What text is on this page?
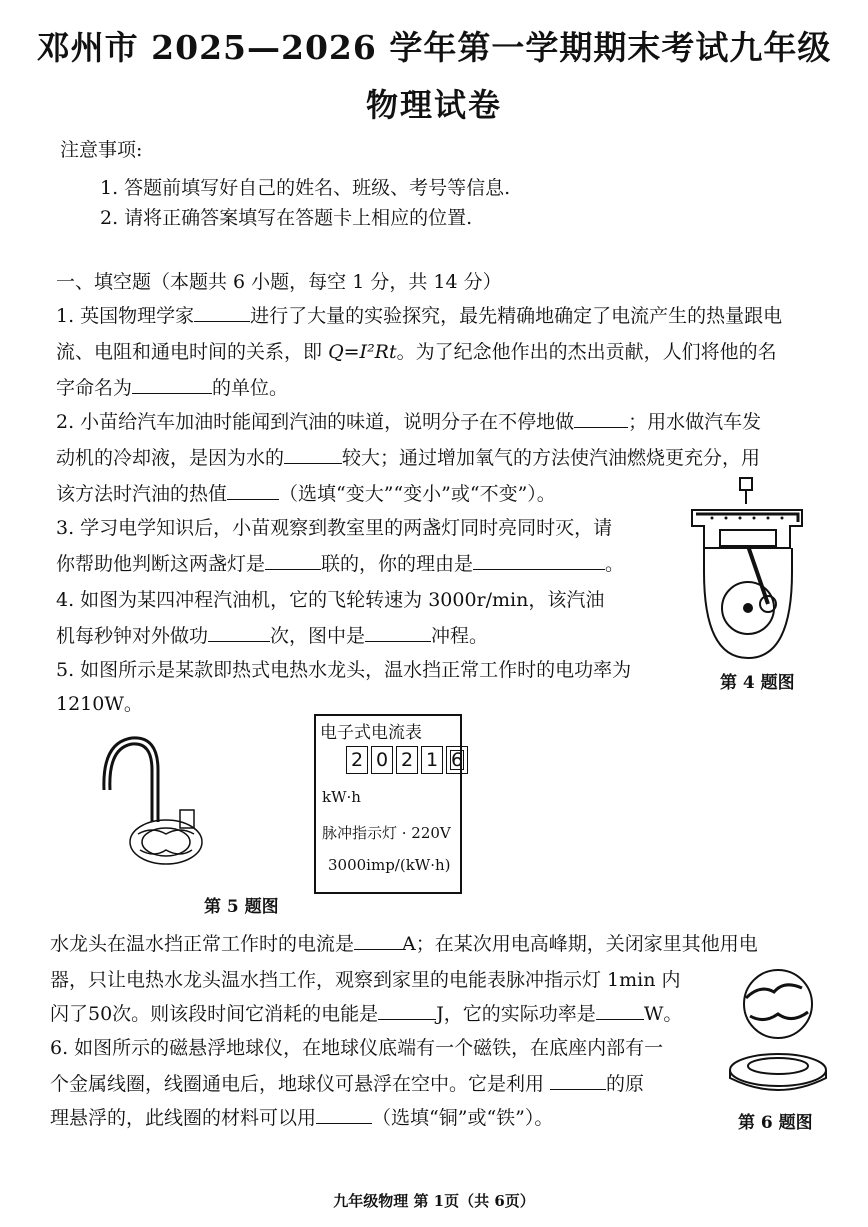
邓州市 2025—2026 学年第一学期期末考试九年级
物理试卷
注意事项:
1. 答题前填写好自己的姓名、班级、考号等信息.
2. 请将正确答案填写在答题卡上相应的位置.
一、填空题（本题共 6 小题，每空 1 分，共 14 分）
1. 英国物理学家	进行了大量的实验探究，最先精确地确定了电流产生的热量跟电
流、电阻和通电时间的关系，即 Q=I²Rt。为了纪念他作出的杰出贡献，人们将他的名
字命名为	的单位。
2. 小苗给汽车加油时能闻到汽油的味道，说明分子在不停地做	；用水做汽车发
动机的冷却液，是因为水的	较大；通过增加氧气的方法使汽油燃烧更充分，用
该方法时汽油的热值	（选填“变大”“变小”或“不变”）。
3. 学习电学知识后，小苗观察到教室里的两盏灯同时亮同时灭，请
你帮助他判断这两盏灯是	联的，你的理由是	。
4. 如图为某四冲程汽油机，它的飞轮转速为 3000r/min，该汽油
机每秒钟对外做功	次，图中是	冲程。
第 4 题图
5. 如图所示是某款即热式电热水龙头，温水挡正常工作时的电功率为
1210W。
第 5 题图
电子式电流表
2 0 2 1 6
kW·h
脉冲指示灯 · 220V
3000imp/(kW·h)
水龙头在温水挡正常工作时的电流是	A；在某次用电高峰期，关闭家里其他用电
器，只让电热水龙头温水挡工作，观察到家里的电能表脉冲指示灯 1min 内
闪了50次。则该段时间它消耗的电能是	J，它的实际功率是	W。
6. 如图所示的磁悬浮地球仪，在地球仪底端有一个磁铁，在底座内部有一
个金属线圈，线圈通电后，地球仪可悬浮在空中。它是利用	的原
理悬浮的，此线圈的材料可以用	（选填“铜”或“铁”）。	第 6 题图
九年级物理 第 1页（共 6页）
